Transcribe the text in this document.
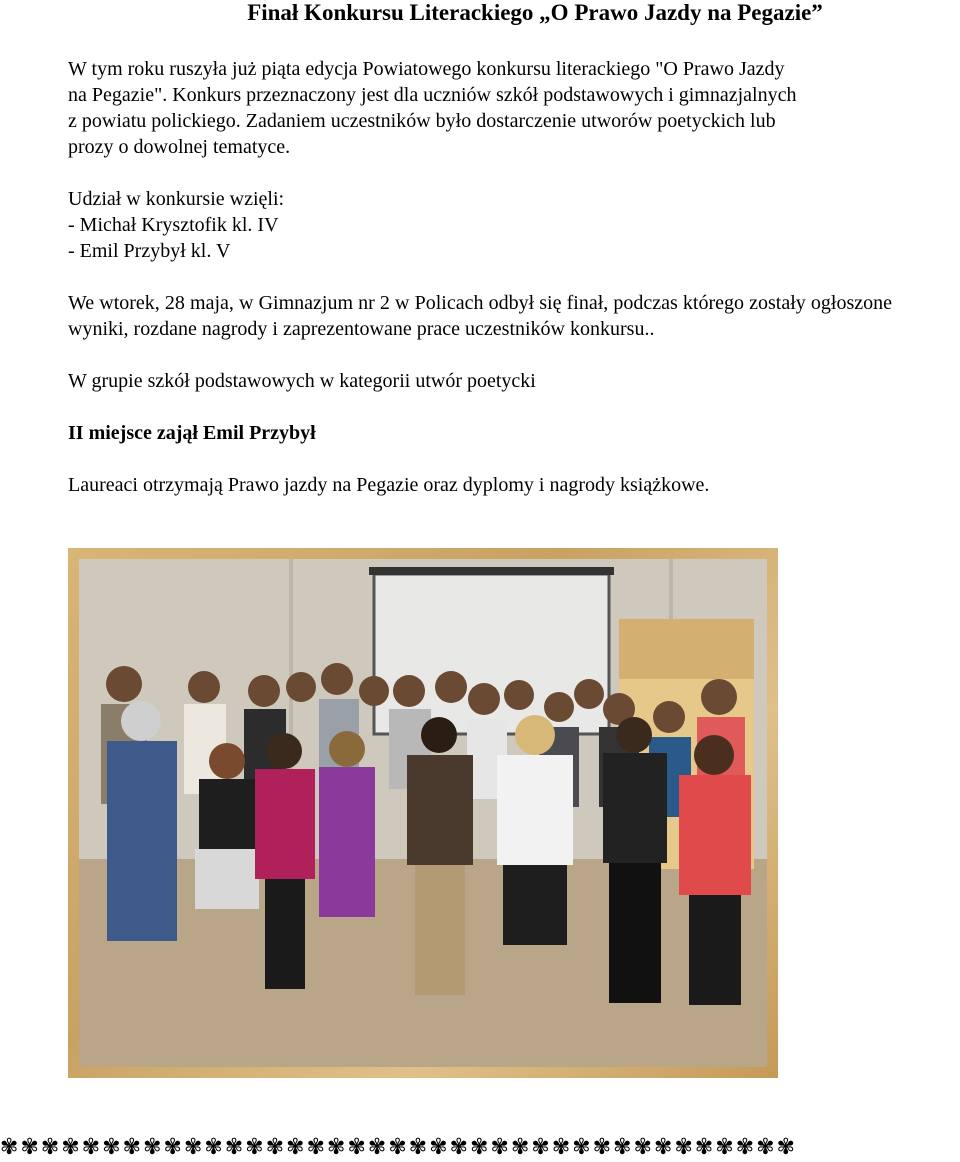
Finał Konkursu Literackiego „O Prawo Jazdy na Pegazie”

W tym roku ruszyła już piąta edycja Powiatowego konkursu literackiego "O Prawo Jazdy

na Pegazie". Konkurs przeznaczony jest dla uczniów szkół podstawowych i gimnazjalnych

z powiatu polickiego. Zadaniem uczestników było dostarczenie utworów poetyckich lub

prozy o dowolnej tematyce.

Udział w konkursie wzięli:

- Michał Krysztofik kl. IV

- Emil Przybył kl. V

We wtorek, 28 maja, w Gimnazjum nr 2 w Policach odbył się finał, podczas którego zostały ogłoszone wyniki, rozdane nagrody i zaprezentowane prace uczestników konkursu..

W grupie szkół podstawowych w kategorii utwór poetycki

II miejsce zajął Emil Przybył

Laureaci otrzymają Prawo jazdy na Pegazie oraz dyplomy i nagrody książkowe.

✾✾✾✾✾✾✾✾✾✾✾✾✾✾✾✾✾✾✾✾✾✾✾✾✾✾✾✾✾✾✾✾✾✾✾✾✾✾✾
